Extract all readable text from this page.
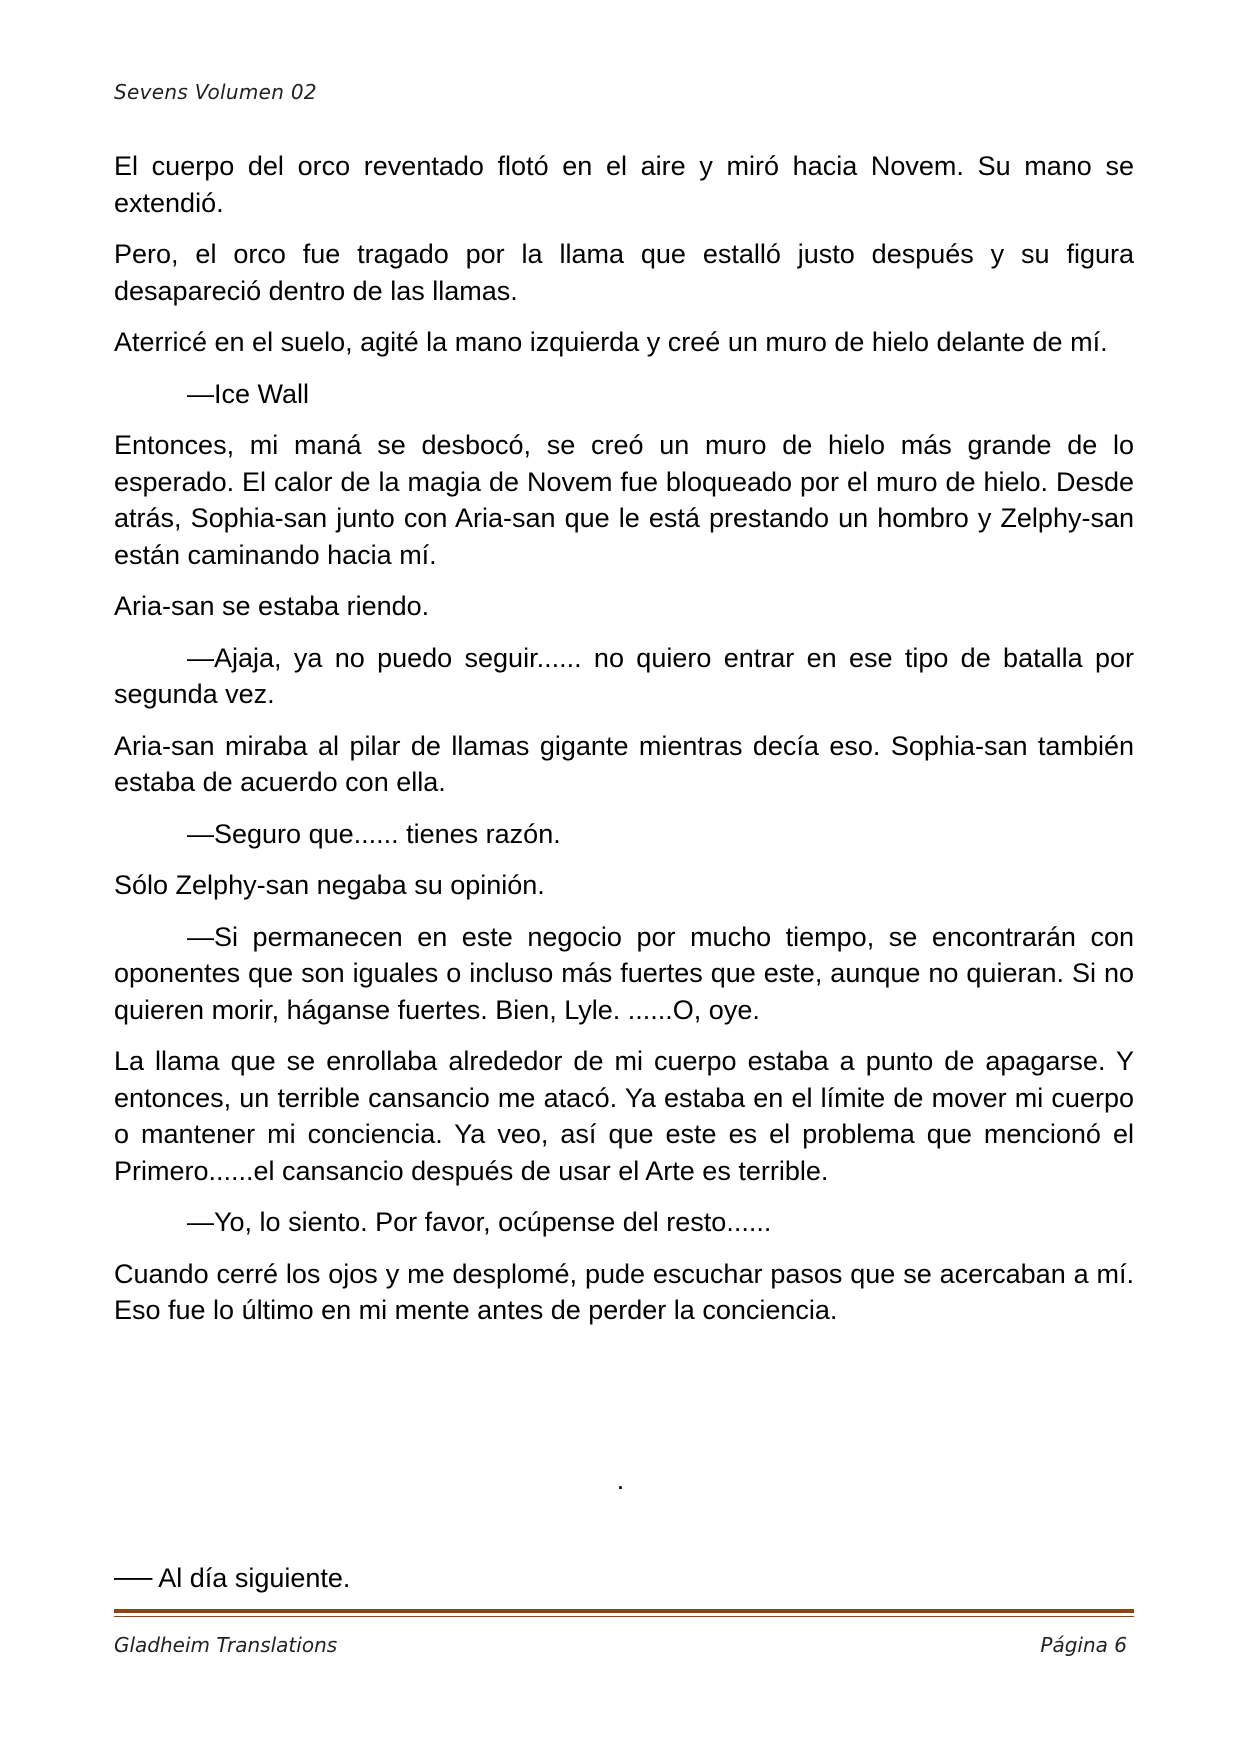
Sevens Volumen 02

El cuerpo del orco reventado flotó en el aire y miró hacia Novem. Su mano se extendió.

Pero, el orco fue tragado por la llama que estalló justo después y su figura desapareció dentro de las llamas.

Aterricé en el suelo, agité la mano izquierda y creé un muro de hielo delante de mí.

—Ice Wall

Entonces, mi maná se desbocó, se creó un muro de hielo más grande de lo esperado. El calor de la magia de Novem fue bloqueado por el muro de hielo. Desde atrás, Sophia-san junto con Aria-san que le está prestando un hombro y Zelphy-san están caminando hacia mí.

Aria-san se estaba riendo.

—Ajaja, ya no puedo seguir...... no quiero entrar en ese tipo de batalla por segunda vez.

Aria-san miraba al pilar de llamas gigante mientras decía eso. Sophia-san también estaba de acuerdo con ella.

—Seguro que...... tienes razón.

Sólo Zelphy-san negaba su opinión.

—Si permanecen en este negocio por mucho tiempo, se encontrarán con oponentes que son iguales o incluso más fuertes que este, aunque no quieran. Si no quieren morir, háganse fuertes. Bien, Lyle. ......O, oye.

La llama que se enrollaba alrededor de mi cuerpo estaba a punto de apagarse. Y entonces, un terrible cansancio me atacó. Ya estaba en el límite de mover mi cuerpo o mantener mi conciencia. Ya veo, así que este es el problema que mencionó el Primero......el cansancio después de usar el Arte es terrible.

—Yo, lo siento. Por favor, ocúpense del resto......

Cuando cerré los ojos y me desplomé, pude escuchar pasos que se acercaban a mí. Eso fue lo último en mi mente antes de perder la conciencia.

.
── Al día siguiente.
Gladheim Translations	Página 6
